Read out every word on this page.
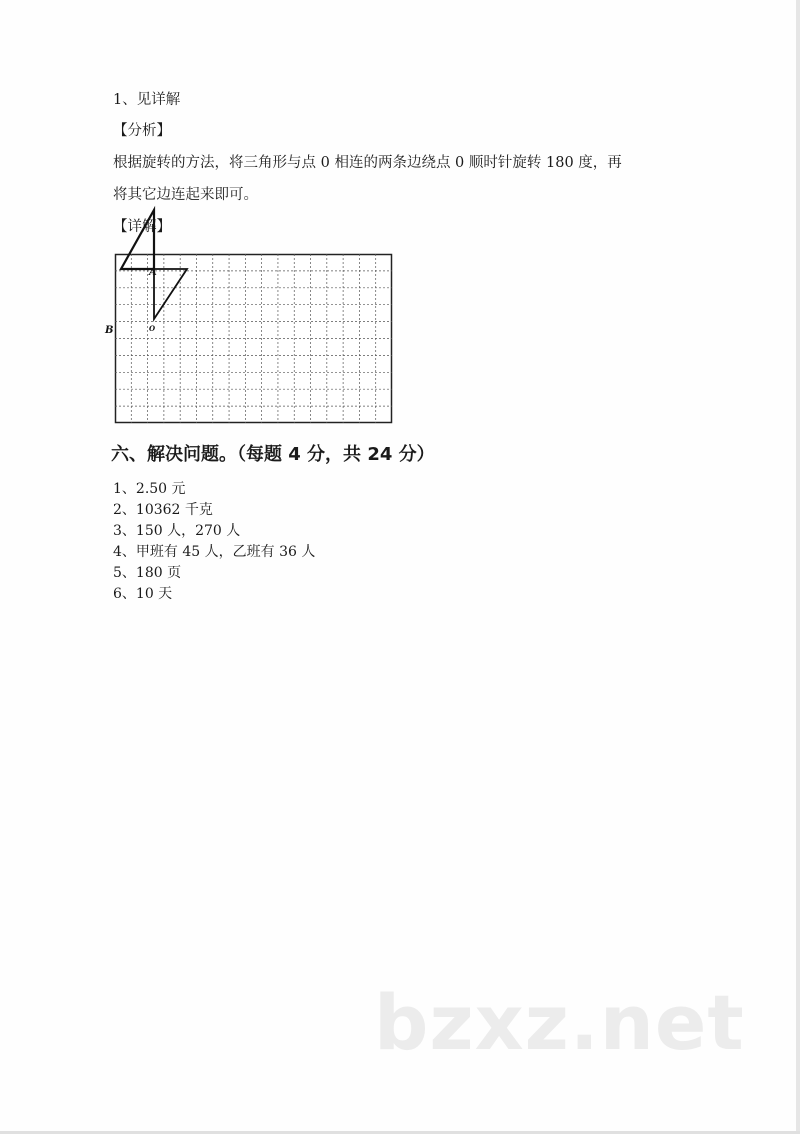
1、见详解
【分析】
根据旋转的方法，将三角形与点 0 相连的两条边绕点 0 顺时针旋转 180 度，再
将其它边连起来即可。
【详解】
A
B	O
六、解决问题。（每题 4 分，共 24 分）
1、2.50 元
2、10362 千克
3、150 人，270 人
4、甲班有 45 人，乙班有 36 人
5、180 页
6、10 天
bzxz.net
